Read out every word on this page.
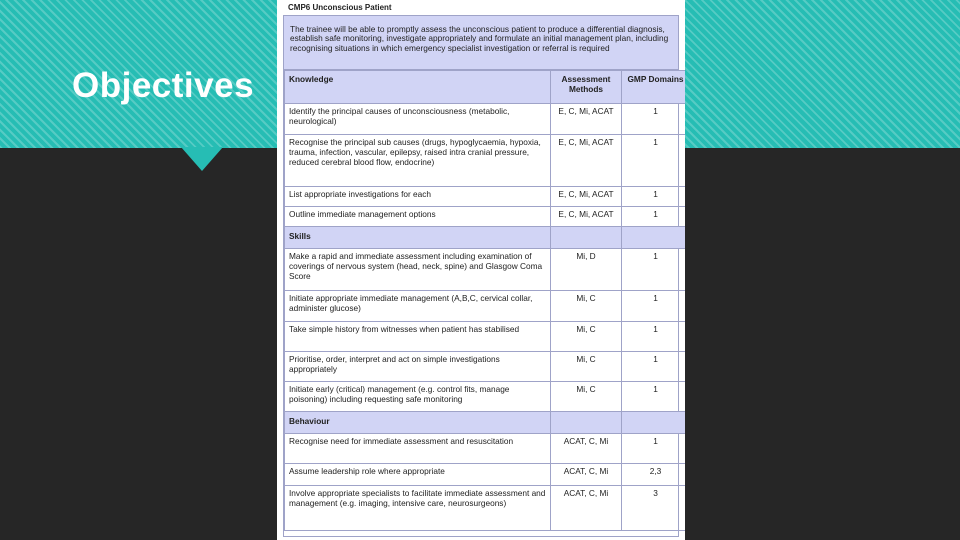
Objectives
CMP6 Unconscious Patient
The trainee will be able to promptly assess the unconscious patient to produce a differential diagnosis, establish safe monitoring, investigate appropriately and formulate an initial management plan, including recognising situations in which emergency specialist investigation or referral is required
Knowledge	Assessment Methods	GMP Domains
Identify the principal causes of unconsciousness (metabolic, neurological)	E, C, Mi, ACAT	1
Recognise the principal sub causes (drugs, hypoglycaemia, hypoxia, trauma, infection, vascular, epilepsy, raised intra cranial pressure, reduced cerebral blood flow, endocrine)	E, C, Mi, ACAT	1
List appropriate investigations for each	E, C, Mi, ACAT	1
Outline immediate management options	E, C, Mi, ACAT	1
Skills		
Make a rapid and immediate assessment including examination of coverings of nervous system (head, neck, spine) and Glasgow Coma Score	Mi, D	1
Initiate appropriate immediate management (A,B,C, cervical collar, administer glucose)	Mi, C	1
Take simple history from witnesses when patient has stabilised	Mi, C	1
Prioritise, order, interpret and act on simple investigations appropriately	Mi, C	1
Initiate early (critical) management (e.g. control fits, manage poisoning) including requesting safe monitoring	Mi, C	1
Behaviour		
Recognise need for immediate assessment and resuscitation	ACAT, C, Mi	1
Assume leadership role where appropriate	ACAT, C, Mi	2,3
Involve appropriate specialists to facilitate immediate assessment and management (e.g. imaging, intensive care, neurosurgeons)	ACAT, C, Mi	3
